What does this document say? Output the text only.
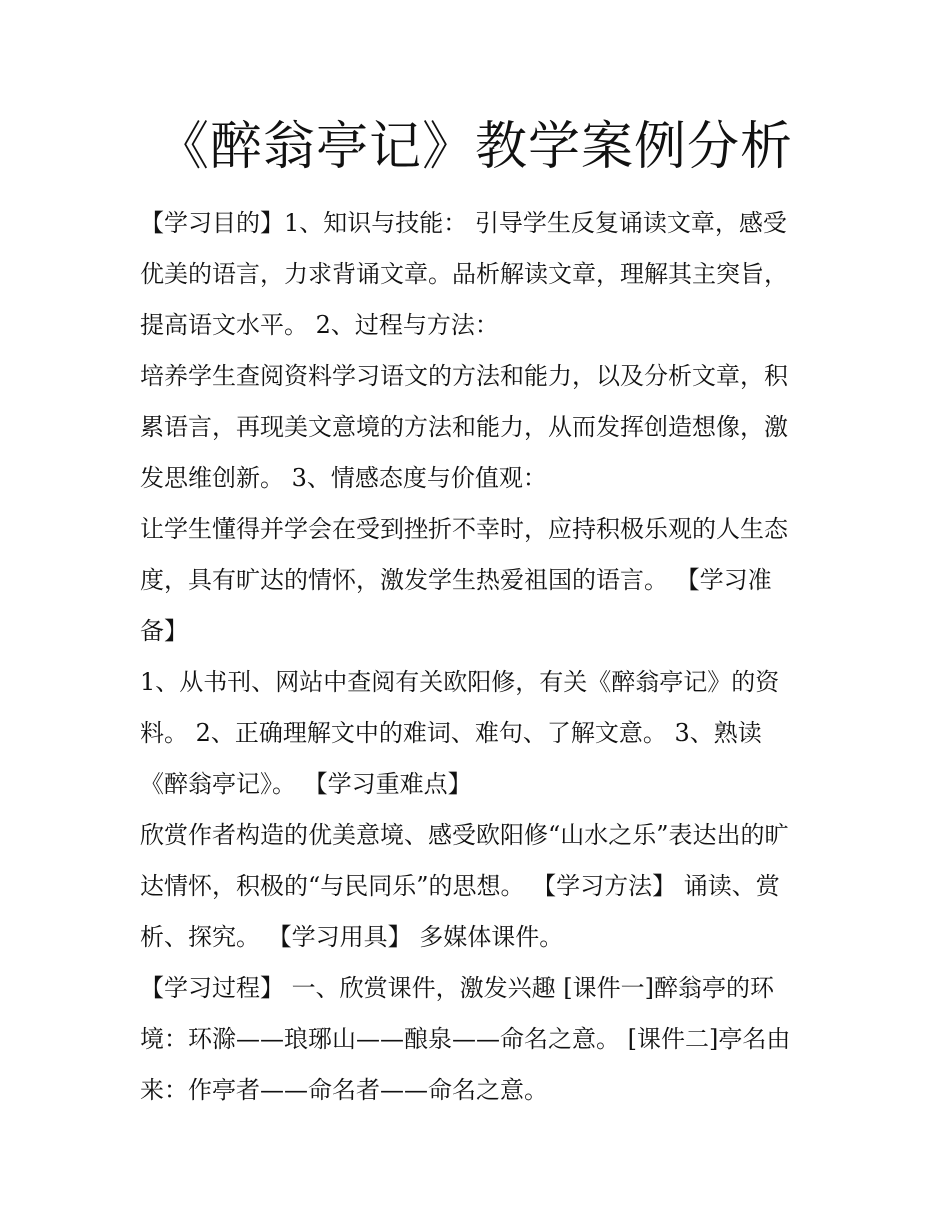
《醉翁亭记》教学案例分析
【学习目的】1、知识与技能： 引导学生反复诵读文章，感受
优美的语言，力求背诵文章。品析解读文章，理解其主突旨，
提高语文水平。 2、过程与方法：
培养学生查阅资料学习语文的方法和能力，以及分析文章，积
累语言，再现美文意境的方法和能力，从而发挥创造想像，激
发思维创新。 3、情感态度与价值观：
让学生懂得并学会在受到挫折不幸时，应持积极乐观的人生态
度，具有旷达的情怀，激发学生热爱祖国的语言。 【学习准
备】
1、从书刊、网站中查阅有关欧阳修，有关《醉翁亭记》的资
料。 2、正确理解文中的难词、难句、了解文意。 3、熟读
《醉翁亭记》。 【学习重难点】
欣赏作者构造的优美意境、感受欧阳修“山水之乐”表达出的旷
达情怀，积极的“与民同乐”的思想。 【学习方法】 诵读、赏
析、探究。 【学习用具】 多媒体课件。
【学习过程】 一、欣赏课件，激发兴趣 [课件一]醉翁亭的环
境：环滁——琅琊山——酿泉——命名之意。 [课件二]亭名由
来：作亭者——命名者——命名之意。
